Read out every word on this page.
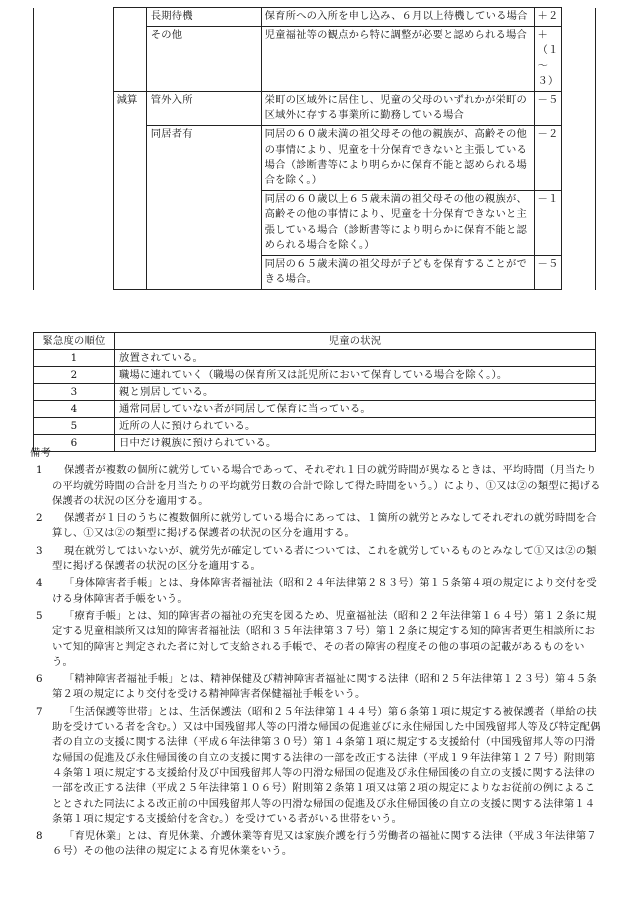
		長期待機	保育所への入所を申し込み、６月以上待機している場合	＋２	
		その他	児童福祉等の観点から特に調整が必要と認められる場合	＋（１～３）	
	減算	管外入所	栄町の区域外に居住し、児童の父母のいずれかが栄町の区域外に存する事業所に勤務している場合	－５	
		同居者有	同居の６０歳未満の祖父母その他の親族が、高齢その他の事情により、児童を十分保育できないと主張している場合（診断書等により明らかに保育不能と認められる場合を除く。）	－２	
			同居の６０歳以上６５歳未満の祖父母その他の親族が、高齢その他の事情により、児童を十分保育できないと主張している場合（診断書等により明らかに保育不能と認められる場合を除く。）	－１	
			同居の６５歳未満の祖父母が子どもを保育することができる場合。	－５	
緊急度の順位	児童の状況
1	放置されている。
2	職場に連れていく（職場の保育所又は託児所において保育している場合を除く。）。
3	親と別居している。
4	通常同居していない者が同居して保育に当っている。
5	近所の人に預けられている。
6	日中だけ親族に預けられている。
備考
1	保護者が複数の個所に就労している場合であって、それぞれ１日の就労時間が異なるときは、平均時間（月当たりの平均就労時間の合計を月当たりの平均就労日数の合計で除して得た時間をいう。）により、①又は②の類型に掲げる保護者の状況の区分を適用する。
2	保護者が１日のうちに複数個所に就労している場合にあっては、１箇所の就労とみなしてそれぞれの就労時間を合算し、①又は②の類型に掲げる保護者の状況の区分を適用する。
3	現在就労してはいないが、就労先が確定している者については、これを就労しているものとみなして①又は②の類型に掲げる保護者の状況の区分を適用する。
4	「身体障害者手帳」とは、身体障害者福祉法（昭和２４年法律第２８３号）第１５条第４項の規定により交付を受ける身体障害者手帳をいう。
5	「療育手帳」とは、知的障害者の福祉の充実を図るため、児童福祉法（昭和２２年法律第１６４号）第１２条に規定する児童相談所又は知的障害者福祉法（昭和３５年法律第３７号）第１２条に規定する知的障害者更生相談所において知的障害と判定された者に対して支給される手帳で、その者の障害の程度その他の事項の記載があるものをいう。
6	「精神障害者福祉手帳」とは、精神保健及び精神障害者福祉に関する法律（昭和２５年法律第１２３号）第４５条第２項の規定により交付を受ける精神障害者保健福祉手帳をいう。
7	「生活保護等世帯」とは、生活保護法（昭和２５年法律第１４４号）第６条第１項に規定する被保護者（単給の扶助を受けている者を含む。）又は中国残留邦人等の円滑な帰国の促進並びに永住帰国した中国残留邦人等及び特定配偶者の自立の支援に関する法律（平成６年法律第３０号）第１４条第１項に規定する支援給付（中国残留邦人等の円滑な帰国の促進及び永住帰国後の自立の支援に関する法律の一部を改正する法律（平成１９年法律第１２７号）附則第４条第１項に規定する支援給付及び中国残留邦人等の円滑な帰国の促進及び永住帰国後の自立の支援に関する法律の一部を改正する法律（平成２５年法律第１０６号）附則第２条第１項又は第２項の規定によりなお従前の例によることとされた同法による改正前の中国残留邦人等の円滑な帰国の促進及び永住帰国後の自立の支援に関する法律第１４条第１項に規定する支援給付を含む。）を受けている者がいる世帯をいう。
8	「育児休業」とは、育児休業、介護休業等育児又は家族介護を行う労働者の福祉に関する法律（平成３年法律第７６号）その他の法律の規定による育児休業をいう。
